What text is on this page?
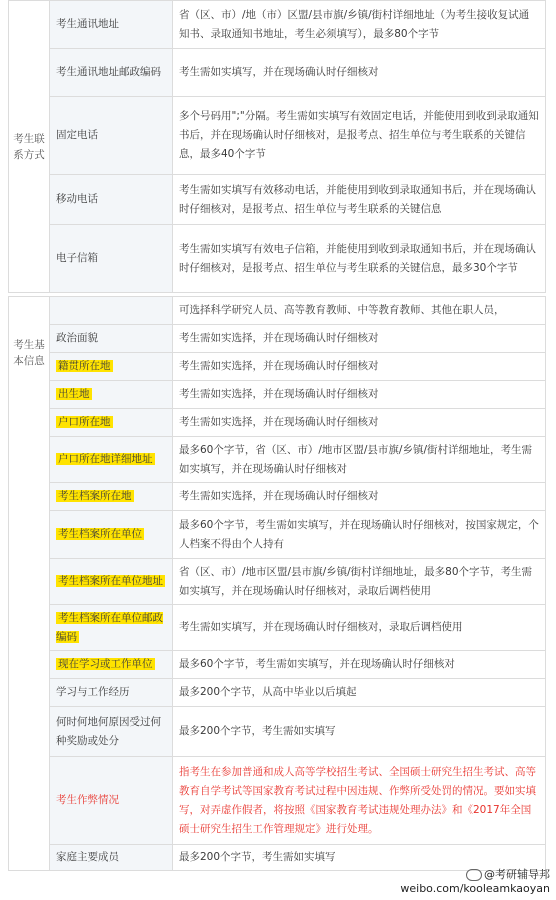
考生联系方式	考生通讯地址	省（区、市）/地（市）区盟/县市旗/乡镇/街村详细地址（为考生接收复试通知书、录取通知书地址，考生必须填写），最多80个字节
	考生通讯地址邮政编码	考生需如实填写，并在现场确认时仔细核对
	固定电话	多个号码用";"分隔。考生需如实填写有效固定电话，并能使用到收到录取通知书后，并在现场确认时仔细核对，是报考点、招生单位与考生联系的关键信息，最多40个字节
	移动电话	考生需如实填写有效移动电话，并能使用到收到录取通知书后，并在现场确认时仔细核对，是报考点、招生单位与考生联系的关键信息
	电子信箱	考生需如实填写有效电子信箱，并能使用到收到录取通知书后，并在现场确认时仔细核对，是报考点、招生单位与考生联系的关键信息，最多30个字节
考生基本信息		可选择科学研究人员、高等教育教师、中等教育教师、其他在职人员，
	政治面貌	考生需如实选择，并在现场确认时仔细核对
	籍贯所在地	考生需如实选择，并在现场确认时仔细核对
	出生地	考生需如实选择，并在现场确认时仔细核对
	户口所在地	考生需如实选择，并在现场确认时仔细核对
	户口所在地详细地址	最多60个字节，省（区、市）/地市区盟/县市旗/乡镇/街村详细地址，考生需如实填写，并在现场确认时仔细核对
	考生档案所在地	考生需如实选择，并在现场确认时仔细核对
	考生档案所在单位	最多60个字节，考生需如实填写，并在现场确认时仔细核对，按国家规定，个人档案不得由个人持有
	考生档案所在单位地址	省（区、市）/地市区盟/县市旗/乡镇/街村详细地址，最多80个字节，考生需如实填写，并在现场确认时仔细核对，录取后调档使用
	考生档案所在单位邮政编码	考生需如实填写，并在现场确认时仔细核对，录取后调档使用
	现在学习或工作单位	最多60个字节，考生需如实填写，并在现场确认时仔细核对
	学习与工作经历	最多200个字节，从高中毕业以后填起
	何时何地何原因受过何种奖励或处分	最多200个字节，考生需如实填写
	考生作弊情况	指考生在参加普通和成人高等学校招生考试、全国硕士研究生招生考试、高等教育自学考试等国家教育考试过程中因违规、作弊所受处罚的情况。要如实填写，对弄虚作假者，将按照《国家教育考试违规处理办法》和《2017年全国硕士研究生招生工作管理规定》进行处理。
	家庭主要成员	最多200个字节，考生需如实填写
@考研辅导邦
weibo.com/kooleamkaoyan
